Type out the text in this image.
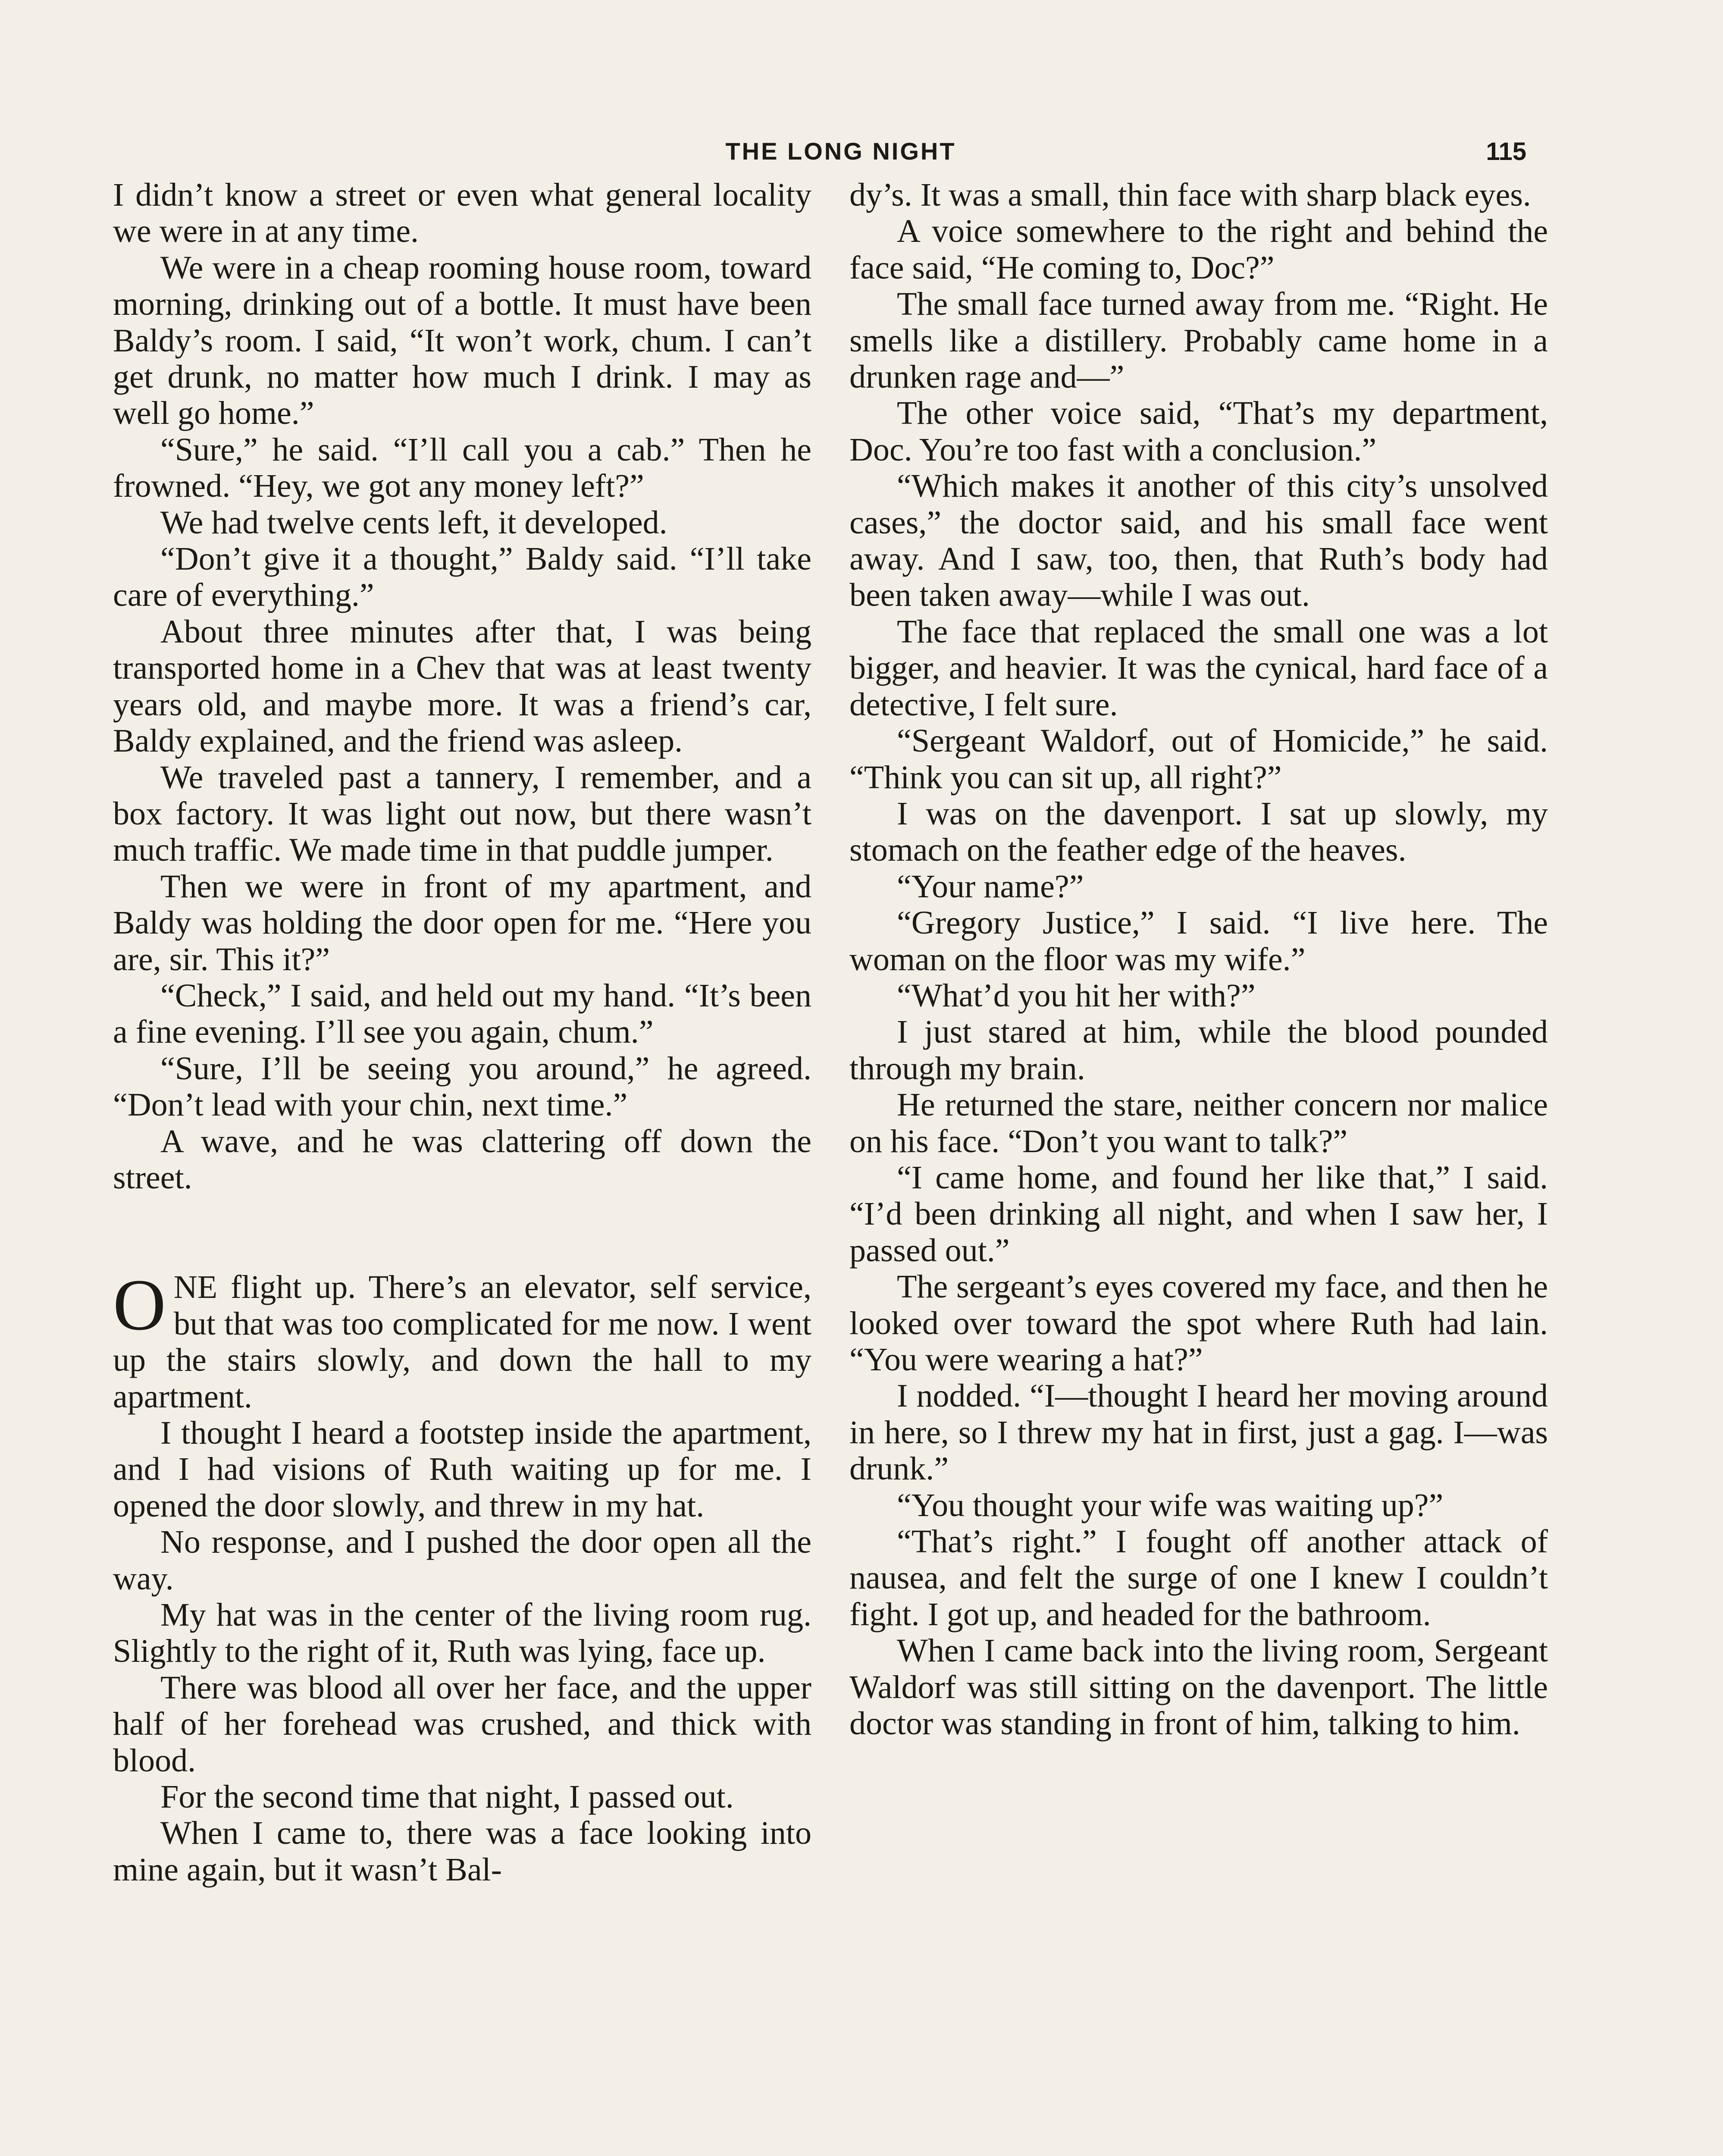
THE LONG NIGHT	115

I didn’t know a street or even what general locality we were in at any time.

We were in a cheap rooming house room, toward morning, drinking out of a bottle. It must have been Baldy’s room. I said, “It won’t work, chum. I can’t get drunk, no matter how much I drink. I may as well go home.”

“Sure,” he said. “I’ll call you a cab.” Then he frowned. “Hey, we got any money left?”

We had twelve cents left, it developed.

“Don’t give it a thought,” Baldy said. “I’ll take care of everything.”

About three minutes after that, I was being transported home in a Chev that was at least twenty years old, and maybe more. It was a friend’s car, Baldy explained, and the friend was asleep.

We traveled past a tannery, I remember, and a box factory. It was light out now, but there wasn’t much traffic. We made time in that puddle jumper.

Then we were in front of my apartment, and Baldy was holding the door open for me. “Here you are, sir. This it?”

“Check,” I said, and held out my hand. “It’s been a fine evening. I’ll see you again, chum.”

“Sure, I’ll be seeing you around,” he agreed. “Don’t lead with your chin, next time.”

A wave, and he was clattering off down the street.

O NE flight up. There’s an elevator, self service, but that was too complicated for me now. I went up the stairs slowly, and down the hall to my apartment.

I thought I heard a footstep inside the apartment, and I had visions of Ruth waiting up for me. I opened the door slowly, and threw in my hat.

No response, and I pushed the door open all the way.

My hat was in the center of the living room rug. Slightly to the right of it, Ruth was lying, face up.

There was blood all over her face, and the upper half of her forehead was crushed, and thick with blood.

For the second time that night, I passed out.

When I came to, there was a face looking into mine again, but it wasn’t Bal-

dy’s. It was a small, thin face with sharp black eyes.

A voice somewhere to the right and behind the face said, “He coming to, Doc?”

The small face turned away from me. “Right. He smells like a distillery. Probably came home in a drunken rage and—”

The other voice said, “That’s my department, Doc. You’re too fast with a conclusion.”

“Which makes it another of this city’s unsolved cases,” the doctor said, and his small face went away. And I saw, too, then, that Ruth’s body had been taken away—while I was out.

The face that replaced the small one was a lot bigger, and heavier. It was the cynical, hard face of a detective, I felt sure.

“Sergeant Waldorf, out of Homicide,” he said. “Think you can sit up, all right?”

I was on the davenport. I sat up slowly, my stomach on the feather edge of the heaves.

“Your name?”

“Gregory Justice,” I said. “I live here. The woman on the floor was my wife.”

“What’d you hit her with?”

I just stared at him, while the blood pounded through my brain.

He returned the stare, neither concern nor malice on his face. “Don’t you want to talk?”

“I came home, and found her like that,” I said. “I’d been drinking all night, and when I saw her, I passed out.”

The sergeant’s eyes covered my face, and then he looked over toward the spot where Ruth had lain. “You were wearing a hat?”

I nodded. “I—thought I heard her moving around in here, so I threw my hat in first, just a gag. I—was drunk.”

“You thought your wife was waiting up?”

“That’s right.” I fought off another attack of nausea, and felt the surge of one I knew I couldn’t fight. I got up, and headed for the bathroom.

When I came back into the living room, Sergeant Waldorf was still sitting on the davenport. The little doctor was standing in front of him, talking to him.
